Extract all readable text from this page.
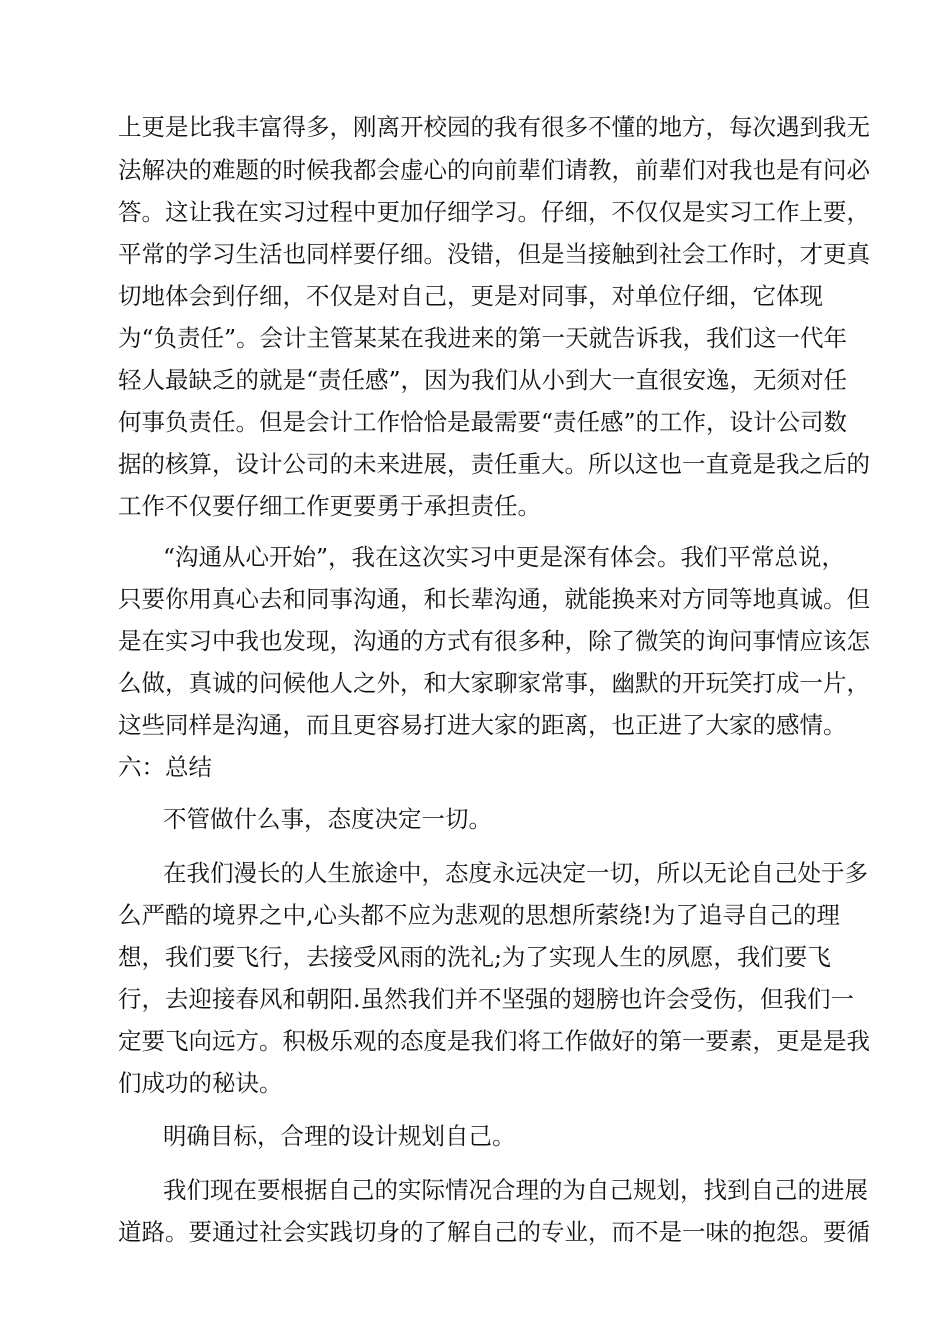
上更是比我丰富得多，刚离开校园的我有很多不懂的地方，每次遇到我无
法解决的难题的时候我都会虚心的向前辈们请教，前辈们对我也是有问必
答。这让我在实习过程中更加仔细学习。仔细，不仅仅是实习工作上要，
平常的学习生活也同样要仔细。没错，但是当接触到社会工作时，才更真
切地体会到仔细，不仅是对自己，更是对同事，对单位仔细，它体现
为“负责任”。会计主管某某在我进来的第一天就告诉我，我们这一代年
轻人最缺乏的就是“责任感”，因为我们从小到大一直很安逸，无须对任
何事负责任。但是会计工作恰恰是最需要“责任感”的工作，设计公司数
据的核算，设计公司的未来进展，责任重大。所以这也一直竟是我之后的
工作不仅要仔细工作更要勇于承担责任。
“沟通从心开始”，我在这次实习中更是深有体会。我们平常总说，
只要你用真心去和同事沟通，和长辈沟通，就能换来对方同等地真诚。但
是在实习中我也发现，沟通的方式有很多种，除了微笑的询问事情应该怎
么做，真诚的问候他人之外，和大家聊家常事，幽默的开玩笑打成一片，
这些同样是沟通，而且更容易打进大家的距离，也正进了大家的感情。
六：总结
不管做什么事，态度决定一切。
在我们漫长的人生旅途中，态度永远决定一切，所以无论自己处于多
么严酷的境界之中,心头都不应为悲观的思想所萦绕!为了追寻自己的理
想，我们要飞行，去接受风雨的洗礼;为了实现人生的夙愿，我们要飞
行，去迎接春风和朝阳.虽然我们并不坚强的翅膀也许会受伤，但我们一
定要飞向远方。积极乐观的态度是我们将工作做好的第一要素，更是是我
们成功的秘诀。
明确目标，合理的设计规划自己。
我们现在要根据自己的实际情况合理的为自己规划，找到自己的进展
道路。要通过社会实践切身的了解自己的专业，而不是一味的抱怨。要循
